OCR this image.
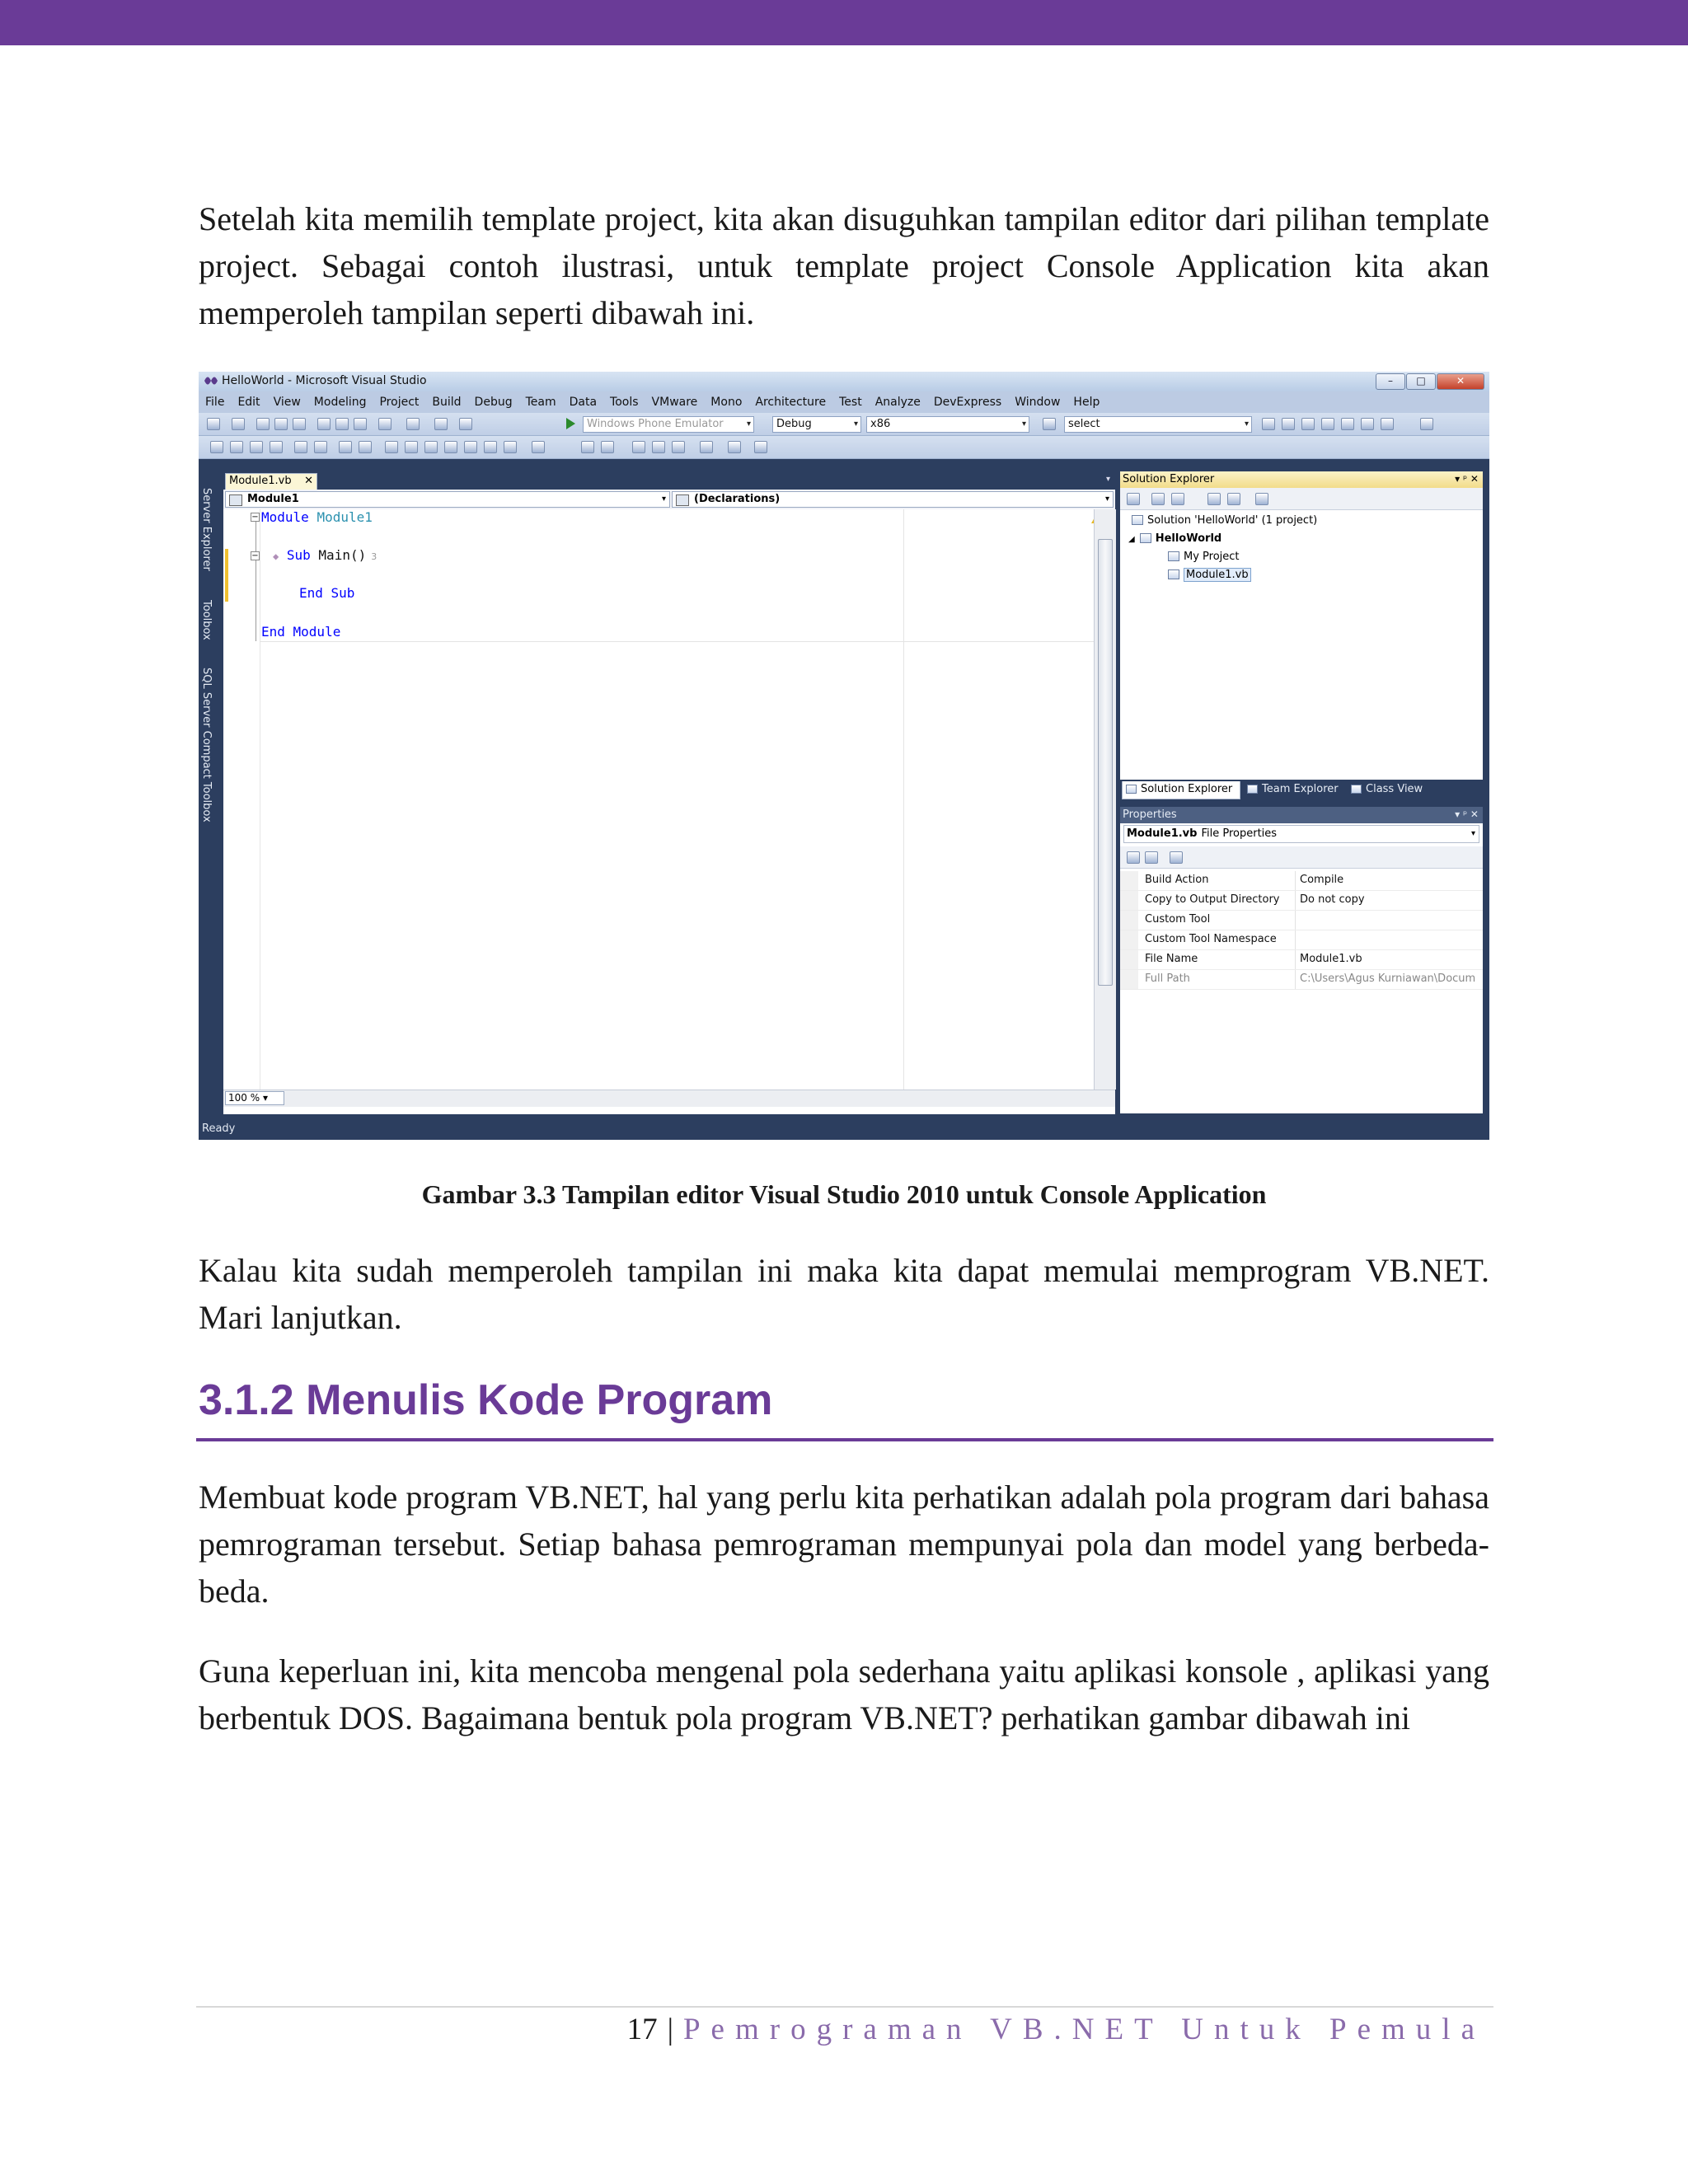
Setelah kita memilih template project, kita akan disuguhkan tampilan editor dari pilihan template project. Sebagai contoh ilustrasi, untuk template project Console Application kita akan memperoleh tampilan seperti dibawah ini.

HelloWorld - Microsoft Visual Studio	–	□	✕
File Edit View Modeling Project Build Debug Team Data Tools VMware Mono Architecture Test Analyze DevExpress Window Help
Windows Phone Emulator	▾	Debug	▾	x86	▾	select	▾
Server Explorer
Toolbox
SQL Server Compact Toolbox
Module1.vb ✕	▾
Module1	▾	(Declarations)	▾
−
−
Module Module1
◆ Sub Main() 3
End Sub
End Module
100 % ▾
Solution Explorer	▾ ᵖ ✕
Solution 'HelloWorld' (1 project)
◢ HelloWorld
My Project
Module1.vb
Solution Explorer	Team Explorer	Class View
Properties	▾ ᵖ ✕
Module1.vb File Properties	▾
Build Action	Compile
Copy to Output Directory Do not copy
Custom Tool
Custom Tool Namespace
File Name	Module1.vb
Full Path	C:\Users\Agus Kurniawan\Docum
Ready

Gambar 3.3 Tampilan editor Visual Studio 2010 untuk Console Application

Kalau kita sudah memperoleh tampilan ini maka kita dapat memulai memprogram VB.NET. Mari lanjutkan.

3.1.2 Menulis Kode Program

Membuat kode program VB.NET, hal yang perlu kita perhatikan adalah pola program dari bahasa pemrograman tersebut. Setiap bahasa pemrograman mempunyai pola dan model yang berbeda-beda.

Guna keperluan ini, kita mencoba mengenal pola sederhana yaitu aplikasi konsole , aplikasi yang berbentuk DOS. Bagaimana bentuk pola program VB.NET? perhatikan gambar dibawah ini

17 | Pemrograman VB.NET Untuk Pemula
